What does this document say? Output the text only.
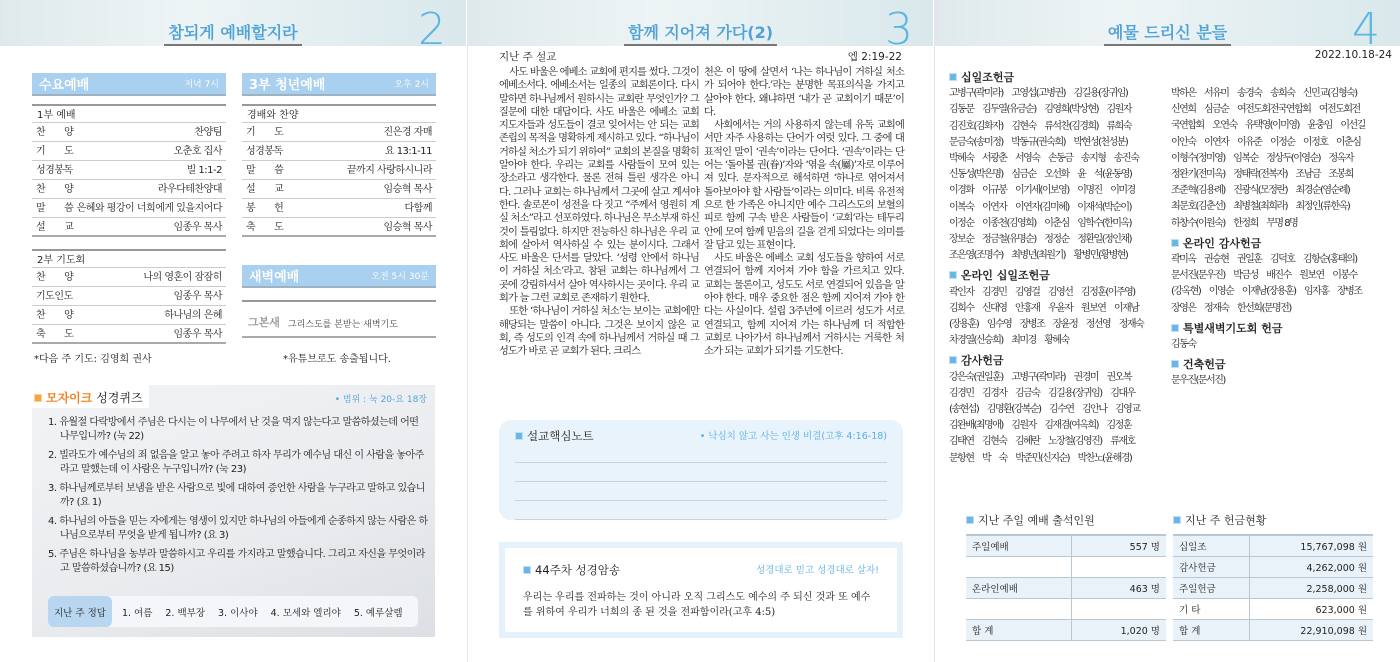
참되게 예배할지라	2
수요예배	저녁 7시
1부 예배
찬　　양	찬양팀
기　　도	오춘호 집사
성경봉독	빌 1:1-2
찬　　양	라우다테찬양대
말　　씀 은혜와 평강이 너희에게 있을지어다
설　　교	임종우 목사
2부 기도회
찬　　양	나의 영혼이 잠잠히
기도인도	임종우 목사
찬　　양	하나님의 은혜
축　　도	임종우 목사
*다음 주 기도: 김영희 권사
3부 청년예배	오후 2시
경배와 찬양
기　　도	진은경 자매
성경봉독	요 13:1-11
말　　씀	끝까지 사랑하시니라
설　　교	임승혁 목사
봉　　헌	다함께
축　　도	임승혁 목사
새벽예배	오전 5시 30분
그본새 그리스도를 본받는 새벽기도
*유튜브로도 송출됩니다.
모자이크 성경퀴즈	• 범위 : 눅 20-요 18장
1. 유월절 다락방에서 주님은 다시는 이 나무에서 난 것을 먹지 않는다고 말씀하셨는데 어떤 나무입니까? (눅 22)
2. 빌라도가 예수님의 죄 없음을 알고 놓아 주려고 하자 무리가 예수님 대신 이 사람을 놓아주라고 말했는데 이 사람은 누구입니까? (눅 23)
3. 하나님께로부터 보냄을 받은 사람으로 빛에 대하여 증언한 사람을 누구라고 말하고 있습니까? (요 1)
4. 하나님의 아들을 믿는 자에게는 영생이 있지만 하나님의 아들에게 순종하지 않는 사람은 하나님으로부터 무엇을 받게 됩니까? (요 3)
5. 주님은 하나님을 농부라 말씀하시고 우리를 가지라고 말했습니다. 그리고 자신을 무엇이라고 말씀하셨습니까? (요 15)
지난 주 정답	1. 여름 2. 백부장 3. 이사야 4. 모세와 엘리야 5. 예루살렘
함께 지어져 가다(2)	3
지난 주 설교	엡 2:19-22

사도 바울은 에베소 교회에 편지를 썼다. 그것이 에베소서다. 에베소서는 일종의 교회론이다. 다시 말하면 하나님께서 원하시는 교회란 무엇인가? 그 질문에 대한 대답이다. 사도 바울은 에베소 교회 지도자들과 성도들이 결코 잊어서는 안 되는 교회 존립의 목적을 명확하게 제시하고 있다. “하나님이 거하실 처소가 되기 위하여” 교회의 본질을 명확히 알아야 한다. 우리는 교회를 사람들이 모여 있는 장소라고 생각한다. 물론 전혀 틀린 생각은 아니다. 그러나 교회는 하나님께서 그곳에 살고 계셔야 한다. 솔로몬이 성전을 다 짓고 “주께서 영원히 계실 처소”라고 선포하였다. 하나님은 무소부재 하신 것이 틀림없다. 하지만 전능하신 하나님은 우리 교회에 살아서 역사하실 수 있는 분이시다. 그래서 사도 바울은 단서를 달았다. ‘성령 안에서 하나님이 거하실 처소’라고. 참된 교회는 하나님께서 그곳에 강림하셔서 살아 역사하시는 곳이다. 우리 교회가 늘 그런 교회로 존재하기 원한다.

또한 ‘하나님이 거하실 처소’는 보이는 교회에만 해당되는 말씀이 아니다. 그것은 보이지 않은 교회, 즉 성도의 인격 속에 하나님께서 거하실 때 그 성도가 바로 곧 교회가 된다. 크리스

천은 이 땅에 살면서 ‘나는 하나님이 거하실 처소가 되어야 한다.’라는 분명한 목표의식을 가지고 살아야 한다. 왜냐하면 ‘내가 곧 교회이기 때문’이다.

사회에서는 거의 사용하지 않는데 유독 교회에서만 자주 사용하는 단어가 여럿 있다. 그 중에 대표적인 말이 ‘권속’이라는 단어다. ‘권속’이라는 단어는 ‘돌아볼 권(眷)’자와 ‘엮을 속(屬)’자로 이루어져 있다. 문자적으로 해석하면 ‘하나로 엮어져서 돌아보아야 할 사람들’이라는 의미다. 비록 유전적으로 한 가족은 아니지만 예수 그리스도의 보혈의 피로 함께 구속 받은 사람들이 ‘교회’라는 테두리 안에 모여 함께 믿음의 길을 걷게 되었다는 의미를 잘 담고 있는 표현이다.

사도 바울은 에베소 교회 성도들을 향하여 서로 연결되어 함께 지어져 가야 함을 가르치고 있다. 교회는 물론이고, 성도도 서로 연결되어 있음을 알아야 한다. 매우 중요한 점은 함께 지어져 가야 한다는 사실이다. 설립 3주년에 이르러 성도가 서로 연결되고, 함께 지어져 가는 하나님께 더 적합한 교회로 나아가서 하나님께서 거하시는 거룩한 처소가 되는 교회가 되기를 기도한다.

설교핵심노트	• 낙심치 않고 사는 인생 비결(고후 4:16-18)
44주차 성경암송	성경대로 믿고 성경대로 살자!
우리는 우리를 전파하는 것이 아니라 오직 그리스도 예수의 주 되신 것과 또 예수를 위하여 우리가 너희의 종 된 것을 전파함이라(고후 4:5)
예물 드리신 분들	4
2022.10.18-24
십일조헌금
고병구(곽미라)　고영섭(고병권)　김길용(장귀임)
김동문　김두열(유금순)　김영희(박상현)　김원자
김진호(김화자)　김현숙　류석찬(김경희)　류희숙
문금숙(송미정)　박동규(권숙희)　박현성(천성분)
박혜숙　서광춘　서영숙　손동금　송지형　송진숙
신동성(박은명)　심금순　오선화　윤　석(윤동영)
이경화　이규봉　이기세(이보영)　이명진　이미경
이복숙　이연자　이연자(김미혜)　이재석(박순이)
이정순　이종천(김영희)　이춘심　임학수(한미옥)
장보순　정금철(유명순)　정정순　정환일(정인채)
조은영(조명수)　최병년(최원기)　황병민(황병현)
온라인 십일조헌금
곽인자　김경민　김영걸　김영선　김정훈(이주영)
김희수　신대영　안홍재　우윤자　원보연　이재남
(장용훈)　임수영　장병조　장윤정　정선영　정재숙
차경열(신승희)　최미경　황혜숙
감사헌금
강은숙(권일훈)　고병구(곽미라)　권경미　권오복
김경민　김경자　김금숙　김길용(장귀임)　김대우
(송현섭)　김명환(강복순)　김수연　김안나　김영교
김완배(최명애)　김원자　김재겸(여옥희)　김정훈
김태연　김현숙　김혜란　노장철(김영진)　류재호
문항현　박　숙　박준민(신지순)　박찬노(윤해경)
박하은　서유미　송경숙　송희숙　신민교(김형숙)
신연희　심금순　여전도회전국연합회　여전도회전
국연합회　오연숙　유택영(이미영)　윤충임　이선길
이안숙　이연자　이유준　이정순　이정호　이춘심
이형수(정미영)　임복순　정상두(이영순)　정옥자
정완기(전미옥)　정태락(전복자)　조남금　조봉희
조준혁(김용례)　진광식(모정란)　최경순(염순례)
최문호(김춘선)　최병철(최희라)　최정인(류한옥)
하창수(이원숙)　한정희　무명 8명
온라인 감사헌금
곽미옥　권승현　권일훈　김덕호　김항순(홍태의)
문서진(문우진)　박금성　배진수　원보연　이봉수
(강옥현)　이영순　이재남(장용훈)　임자홍　장병조
장영은　정재숙　한선희(문명전)
특별새벽기도회 헌금
김동숙
건축헌금
문우진(문서진)
지난 주일 예배 출석인원
주일예배	557 명

온라인예배	463 명

합 계	1,020 명
지난 주 헌금현황
십일조	15,767,098 원
감사헌금	4,262,000 원
주일헌금	2,258,000 원
기 타	623,000 원
합 계	22,910,098 원
